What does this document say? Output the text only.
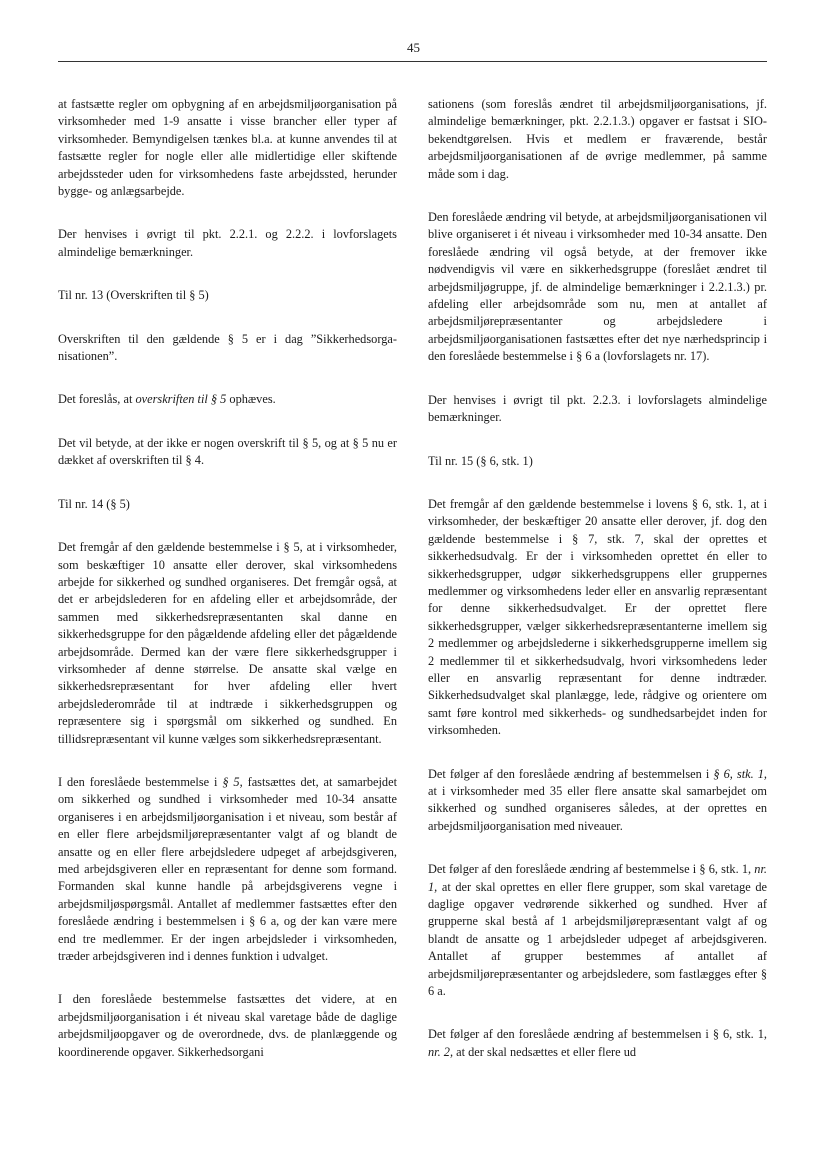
45

at fastsætte regler om opbygning af en arbejdsmiljøorganisation på virksomheder med 1-9 ansatte i visse brancher eller typer af virksomheder. Bemyndigelsen tænkes bl.a. at kunne anvendes til at fastsætte regler for nogle eller alle midlertidige eller skiftende arbejdssteder uden for virksomhedens faste arbejdssted, herunder bygge- og anlægsarbejde.

Der henvises i øvrigt til pkt. 2.2.1. og 2.2.2. i lovforslagets almindelige bemærkninger.

Til nr. 13 (Overskriften til § 5)

Overskriften til den gældende § 5 er i dag ”Sikkerhedsorganisationen”.

Det foreslås, at overskriften til § 5 ophæves.

Det vil betyde, at der ikke er nogen overskrift til § 5, og at § 5 nu er dækket af overskriften til § 4.

Til nr. 14 (§ 5)

Det fremgår af den gældende bestemmelse i § 5, at i virksomheder, som beskæftiger 10 ansatte eller derover, skal virksomhedens arbejde for sikkerhed og sundhed organiseres. Det fremgår også, at det er arbejdslederen for en afdeling eller et arbejdsområde, der sammen med sikkerhedsrepræsentanten skal danne en sikkerhedsgruppe for den pågældende afdeling eller det pågældende arbejdsområde. Dermed kan der være flere sikkerhedsgrupper i virksomheder af denne størrelse. De ansatte skal vælge en sikkerhedsrepræsentant for hver afdeling eller hvert arbejdslederområde til at indtræde i sikkerhedsgruppen og repræsentere sig i spørgsmål om sikkerhed og sundhed. En tillidsrepræsentant vil kunne vælges som sikkerhedsrepræsentant.

I den foreslåede bestemmelse i § 5, fastsættes det, at samarbejdet om sikkerhed og sundhed i virksomheder med 10-34 ansatte organiseres i en arbejdsmiljøorganisation i et niveau, som består af en eller flere arbejdsmiljørepræsentanter valgt af og blandt de ansatte og en eller flere arbejdsledere udpeget af arbejdsgiveren, med arbejdsgiveren eller en repræsentant for denne som formand. Formanden skal kunne handle på arbejdsgiverens vegne i arbejdsmiljøspørgsmål. Antallet af medlemmer fastsættes efter den foreslåede ændring i bestemmelsen i § 6 a, og der kan være mere end tre medlemmer. Er der ingen arbejdsleder i virksomheden, træder arbejdsgiveren ind i dennes funktion i udvalget.

I den foreslåede bestemmelse fastsættes det videre, at en arbejdsmiljøorganisation i ét niveau skal varetage både de daglige arbejdsmiljøopgaver og de overordnede, dvs. de planlæggende og koordinerende opgaver. Sikkerhedsorgani

sationens (som foreslås ændret til arbejdsmiljøorganisations, jf. almindelige bemærkninger, pkt. 2.2.1.3.) opgaver er fastsat i SIO-bekendtgørelsen. Hvis et medlem er fraværende, består arbejdsmiljøorganisationen af de øvrige medlemmer, på samme måde som i dag.

Den foreslåede ændring vil betyde, at arbejdsmiljøorganisationen vil blive organiseret i ét niveau i virksomheder med 10-34 ansatte. Den foreslåede ændring vil også betyde, at der fremover ikke nødvendigvis vil være en sikkerhedsgruppe (foreslået ændret til arbejdsmiljøgruppe, jf. de almindelige bemærkninger i 2.2.1.3.) pr. afdeling eller arbejdsområde som nu, men at antallet af arbejdsmiljørepræsentanter og arbejdsledere i arbejdsmiljøorganisationen fastsættes efter det nye nærhedsprincip i den foreslåede bestemmelse i § 6 a (lovforslagets nr. 17).

Der henvises i øvrigt til pkt. 2.2.3. i lovforslagets almindelige bemærkninger.

Til nr. 15 (§ 6, stk. 1)

Det fremgår af den gældende bestemmelse i lovens § 6, stk. 1, at i virksomheder, der beskæftiger 20 ansatte eller derover, jf. dog den gældende bestemmelse i § 7, stk. 7, skal der oprettes et sikkerhedsudvalg. Er der i virksomheden oprettet én eller to sikkerhedsgrupper, udgør sikkerhedsgruppens eller gruppernes medlemmer og virksomhedens leder eller en ansvarlig repræsentant for denne sikkerhedsudvalget. Er der oprettet flere sikkerhedsgrupper, vælger sikkerhedsrepræsentanterne imellem sig 2 medlemmer og arbejdslederne i sikkerhedsgrupperne imellem sig 2 medlemmer til et sikkerhedsudvalg, hvori virksomhedens leder eller en ansvarlig repræsentant for denne indtræder. Sikkerhedsudvalget skal planlægge, lede, rådgive og orientere om samt føre kontrol med sikkerheds- og sundhedsarbejdet inden for virksomheden.

Det følger af den foreslåede ændring af bestemmelsen i § 6, stk. 1, at i virksomheder med 35 eller flere ansatte skal samarbejdet om sikkerhed og sundhed organiseres således, at der oprettes en arbejdsmiljøorganisation med niveauer.

Det følger af den foreslåede ændring af bestemmelse i § 6, stk. 1, nr. 1, at der skal oprettes en eller flere grupper, som skal varetage de daglige opgaver vedrørende sikkerhed og sundhed. Hver af grupperne skal bestå af 1 arbejdsmiljørepræsentant valgt af og blandt de ansatte og 1 arbejdsleder udpeget af arbejdsgiveren. Antallet af grupper bestemmes af antallet af arbejdsmiljørepræsentanter og arbejdsledere, som fastlægges efter § 6 a.

Det følger af den foreslåede ændring af bestemmelsen i § 6, stk. 1, nr. 2, at der skal nedsættes et eller flere ud
